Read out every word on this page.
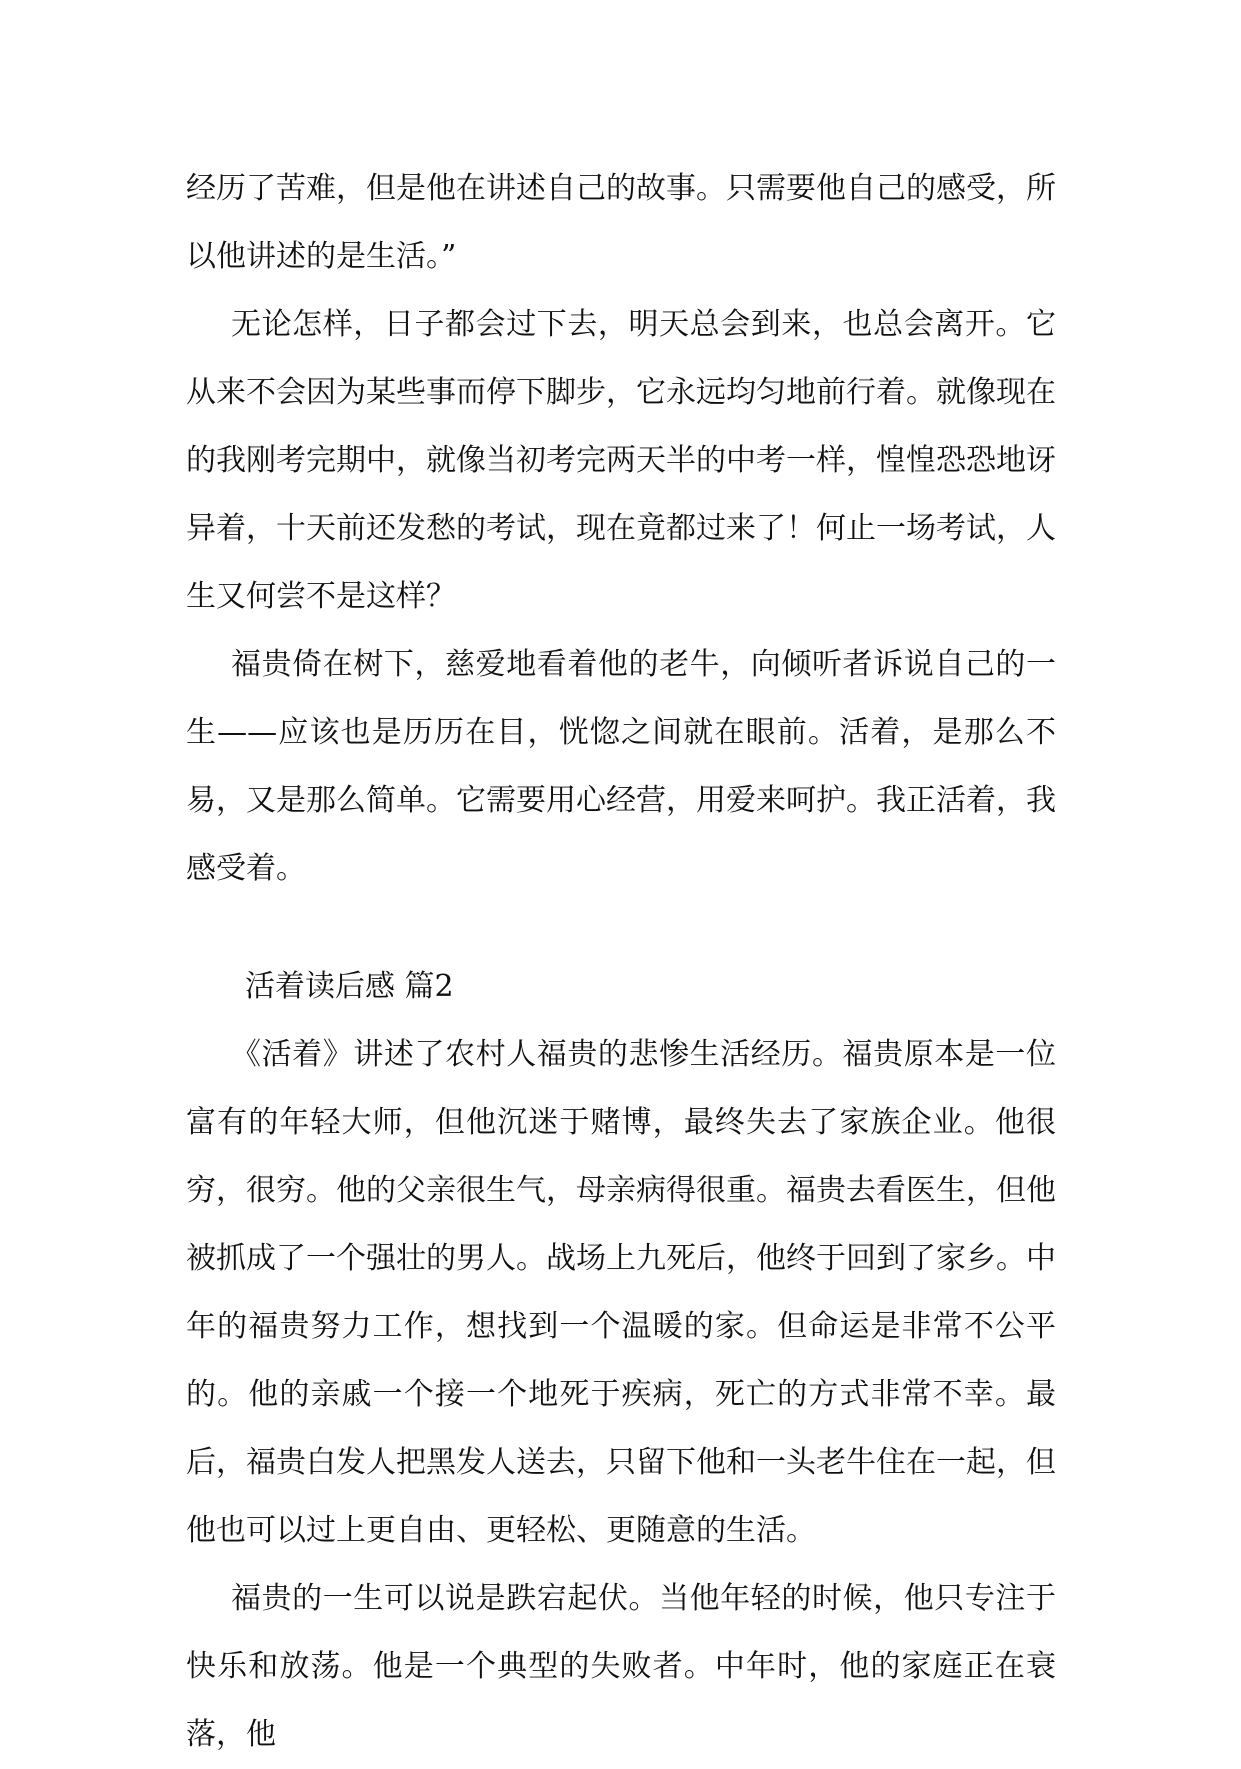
经历了苦难，但是他在讲述自己的故事。只需要他自己的感受，所以他讲述的是生活。”

无论怎样，日子都会过下去，明天总会到来，也总会离开。它从来不会因为某些事而停下脚步，它永远均匀地前行着。就像现在的我刚考完期中，就像当初考完两天半的中考一样，惶惶恐恐地讶异着，十天前还发愁的考试，现在竟都过来了！何止一场考试，人生又何尝不是这样？

福贵倚在树下，慈爱地看着他的老牛，向倾听者诉说自己的一生——应该也是历历在目，恍惚之间就在眼前。活着，是那么不易，又是那么简单。它需要用心经营，用爱来呵护。我正活着，我感受着。

活着读后感 篇2

《活着》讲述了农村人福贵的悲惨生活经历。福贵原本是一位富有的年轻大师，但他沉迷于赌博，最终失去了家族企业。他很穷，很穷。他的父亲很生气，母亲病得很重。福贵去看医生，但他被抓成了一个强壮的男人。战场上九死后，他终于回到了家乡。中年的福贵努力工作，想找到一个温暖的家。但命运是非常不公平的。他的亲戚一个接一个地死于疾病，死亡的方式非常不幸。最后，福贵白发人把黑发人送去，只留下他和一头老牛住在一起，但他也可以过上更自由、更轻松、更随意的生活。

福贵的一生可以说是跌宕起伏。当他年轻的时候，他只专注于快乐和放荡。他是一个典型的失败者。中年时，他的家庭正在衰落，他
